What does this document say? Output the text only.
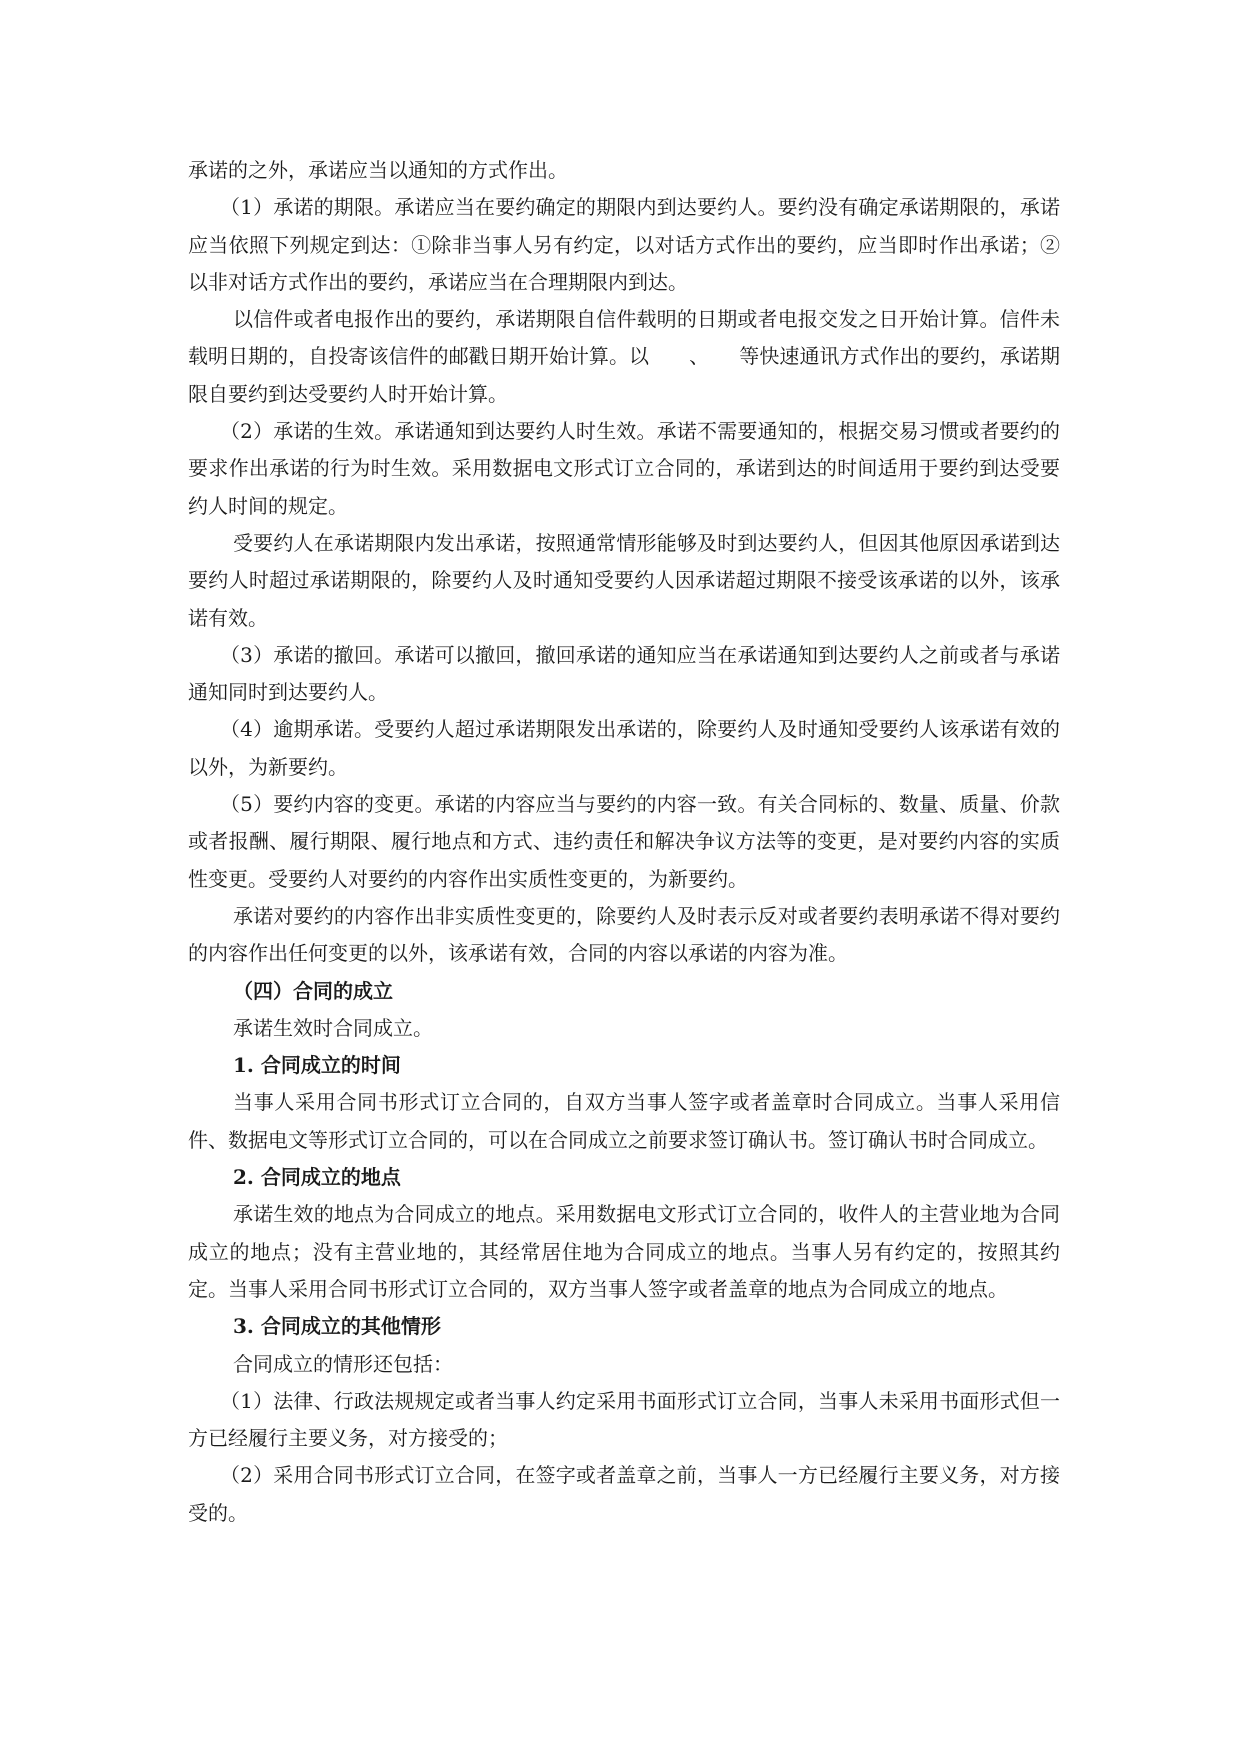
承诺的之外，承诺应当以通知的方式作出。

（1）承诺的期限。承诺应当在要约确定的期限内到达要约人。要约没有确定承诺期限的，承诺应当依照下列规定到达：①除非当事人另有约定，以对话方式作出的要约，应当即时作出承诺；②以非对话方式作出的要约，承诺应当在合理期限内到达。

以信件或者电报作出的要约，承诺期限自信件载明的日期或者电报交发之日开始计算。信件未载明日期的，自投寄该信件的邮戳日期开始计算。以　　、　　等快速通讯方式作出的要约，承诺期限自要约到达受要约人时开始计算。

（2）承诺的生效。承诺通知到达要约人时生效。承诺不需要通知的，根据交易习惯或者要约的要求作出承诺的行为时生效。采用数据电文形式订立合同的，承诺到达的时间适用于要约到达受要约人时间的规定。

受要约人在承诺期限内发出承诺，按照通常情形能够及时到达要约人，但因其他原因承诺到达要约人时超过承诺期限的，除要约人及时通知受要约人因承诺超过期限不接受该承诺的以外，该承诺有效。

（3）承诺的撤回。承诺可以撤回，撤回承诺的通知应当在承诺通知到达要约人之前或者与承诺通知同时到达要约人。

（4）逾期承诺。受要约人超过承诺期限发出承诺的，除要约人及时通知受要约人该承诺有效的以外，为新要约。

（5）要约内容的变更。承诺的内容应当与要约的内容一致。有关合同标的、数量、质量、价款或者报酬、履行期限、履行地点和方式、违约责任和解决争议方法等的变更，是对要约内容的实质性变更。受要约人对要约的内容作出实质性变更的，为新要约。

承诺对要约的内容作出非实质性变更的，除要约人及时表示反对或者要约表明承诺不得对要约的内容作出任何变更的以外，该承诺有效，合同的内容以承诺的内容为准。

（四）合同的成立

承诺生效时合同成立。

1. 合同成立的时间

当事人采用合同书形式订立合同的，自双方当事人签字或者盖章时合同成立。当事人采用信件、数据电文等形式订立合同的，可以在合同成立之前要求签订确认书。签订确认书时合同成立。

2. 合同成立的地点

承诺生效的地点为合同成立的地点。采用数据电文形式订立合同的，收件人的主营业地为合同成立的地点；没有主营业地的，其经常居住地为合同成立的地点。当事人另有约定的，按照其约定。当事人采用合同书形式订立合同的，双方当事人签字或者盖章的地点为合同成立的地点。

3. 合同成立的其他情形

合同成立的情形还包括：

（1）法律、行政法规规定或者当事人约定采用书面形式订立合同，当事人未采用书面形式但一方已经履行主要义务，对方接受的；

（2）采用合同书形式订立合同，在签字或者盖章之前，当事人一方已经履行主要义务，对方接受的。
